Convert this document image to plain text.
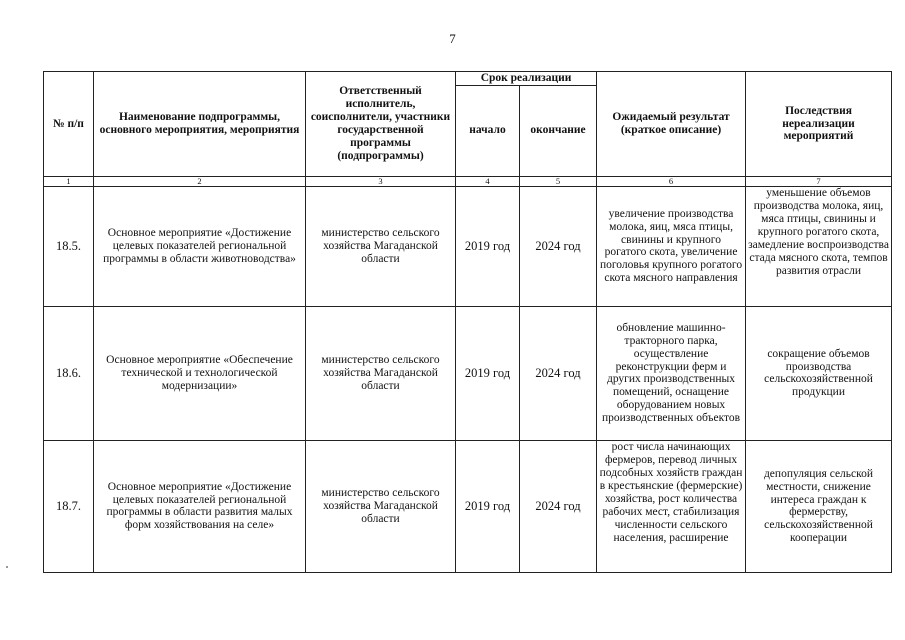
7
№ п/п	Наименование подпрограммы, основного мероприятия, мероприятия	Ответственный исполнитель, соисполнители, участники государственной программы (подпрограммы)	Срок реализации		Ожидаемый результат (краткое описание)	Последствия нереализации мероприятий
			начало	окончание		
1	2	3	4	5	6	7
18.5.	Основное мероприятие «Достижение целевых показателей региональной программы в области животноводства»	министерство сельского хозяйства Магаданской области	2019 год	2024 год	увеличение производства молока, яиц, мяса птицы, свинины и крупного рогатого скота, увеличение поголовья крупного рогатого скота мясного направления	уменьшение объемов производства молока, яиц, мяса птицы, свинины и крупного рогатого скота, замедление воспроизводства стада мясного скота, темпов развития отрасли

18.6.	Основное мероприятие «Обеспечение технической и технологической модернизации»	министерство сельского хозяйства Магаданской области	2019 год	2024 год	обновление машинно-тракторного парка, осуществление реконструкции ферм и других производственных помещений, оснащение оборудованием новых производственных объектов	сокращение объемов производства сельскохозяйственной продукции

18.7.	Основное мероприятие «Достижение целевых показателей региональной программы в области развития малых форм хозяйствования на селе»	министерство сельского хозяйства Магаданской области	2019 год	2024 год	рост числа начинающих фермеров, перевод личных подсобных хозяйств граждан в крестьянские (фермерские) хозяйства, рост количества рабочих мест, стабилизация численности сельского населения, расширение	депопуляция сельской местности, снижение интереса граждан к фермерству, сельскохозяйственной кооперации
